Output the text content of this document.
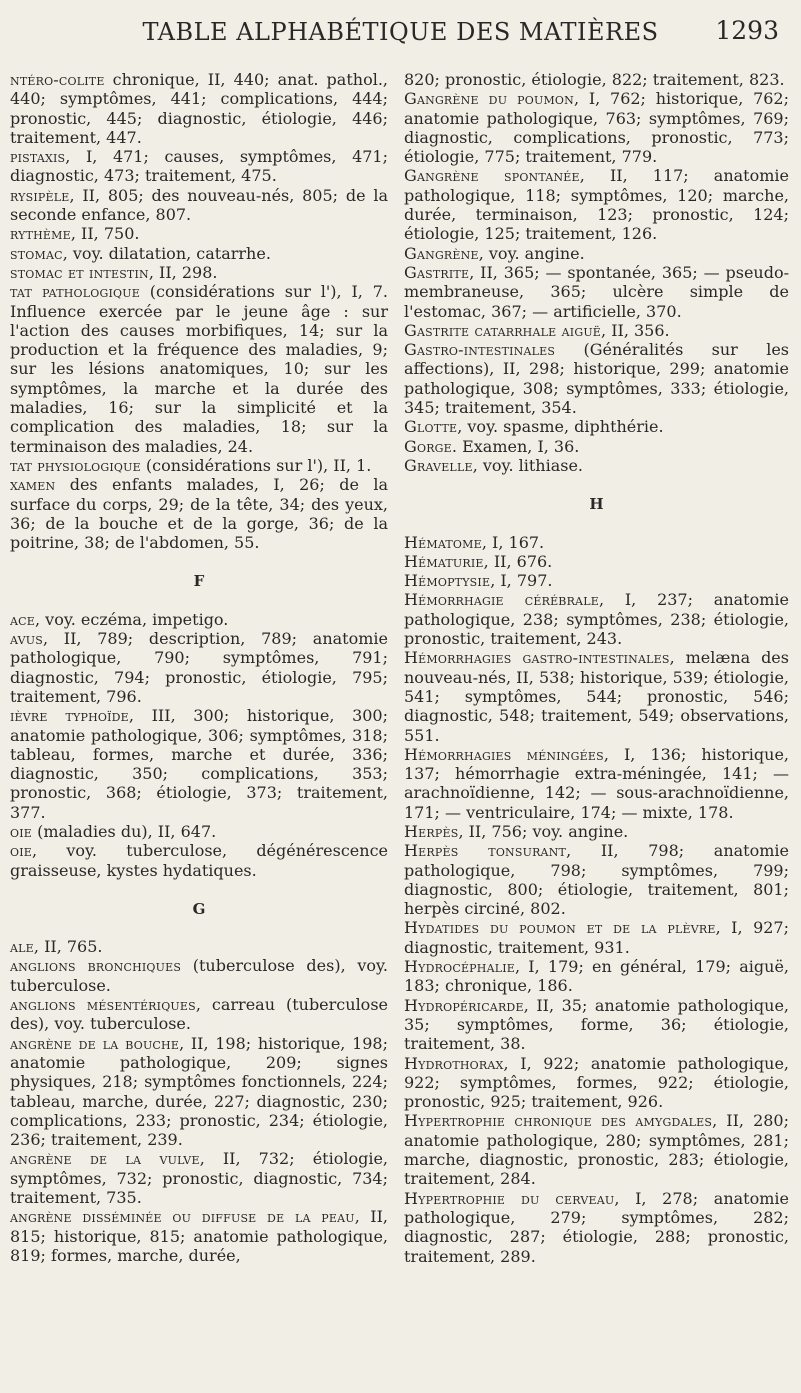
TABLE ALPHABÉTIQUE DES MATIÈRES	1293

ntéro-colite chronique, II, 440; anat. pathol., 440; symptômes, 441; complications, 444; pronostic, 445; diagnostic, étiologie, 446; traitement, 447.

pistaxis, I, 471; causes, symptômes, 471; diagnostic, 473; traitement, 475.

rysipèle, II, 805; des nouveau-nés, 805; de la seconde enfance, 807.

rythème, II, 750.

stomac, voy. dilatation, catarrhe.

stomac et intestin, II, 298.

tat pathologique (considérations sur l'), I, 7. Influence exercée par le jeune âge : sur l'action des causes morbifiques, 14; sur la production et la fréquence des maladies, 9; sur les lésions anatomiques, 10; sur les symptômes, la marche et la durée des maladies, 16; sur la simplicité et la complication des maladies, 18; sur la terminaison des maladies, 24.

tat physiologique (considérations sur l'), II, 1.

xamen des enfants malades, I, 26; de la surface du corps, 29; de la tête, 34; des yeux, 36; de la bouche et de la gorge, 36; de la poitrine, 38; de l'abdomen, 55.

F

ace, voy. eczéma, impetigo.

avus, II, 789; description, 789; anatomie pathologique, 790; symptômes, 791; diagnostic, 794; pronostic, étiologie, 795; traitement, 796.

ièvre typhoïde, III, 300; historique, 300; anatomie pathologique, 306; symptômes, 318; tableau, formes, marche et durée, 336; diagnostic, 350; complications, 353; pronostic, 368; étiologie, 373; traitement, 377.

oie (maladies du), II, 647.

oie, voy. tuberculose, dégénérescence graisseuse, kystes hydatiques.

G

ale, II, 765.

anglions bronchiques (tuberculose des), voy. tuberculose.

anglions mésentériques, carreau (tuberculose des), voy. tuberculose.

angrène de la bouche, II, 198; historique, 198; anatomie pathologique, 209; signes physiques, 218; symptômes fonctionnels, 224; tableau, marche, durée, 227; diagnostic, 230; complications, 233; pronostic, 234; étiologie, 236; traitement, 239.

angrène de la vulve, II, 732; étiologie, symptômes, 732; pronostic, diagnostic, 734; traitement, 735.

angrène disséminée ou diffuse de la peau, II, 815; historique, 815; anatomie pathologique, 819; formes, marche, durée,

820; pronostic, étiologie, 822; traitement, 823.

Gangrène du poumon, I, 762; historique, 762; anatomie pathologique, 763; symptômes, 769; diagnostic, complications, pronostic, 773; étiologie, 775; traitement, 779.

Gangrène spontanée, II, 117; anatomie pathologique, 118; symptômes, 120; marche, durée, terminaison, 123; pronostic, 124; étiologie, 125; traitement, 126.

Gangrène, voy. angine.

Gastrite, II, 365; — spontanée, 365; — pseudo-membraneuse, 365; ulcère simple de l'estomac, 367; — artificielle, 370.

Gastrite catarrhale aiguë, II, 356.

Gastro-intestinales (Généralités sur les affections), II, 298; historique, 299; anatomie pathologique, 308; symptômes, 333; étiologie, 345; traitement, 354.

Glotte, voy. spasme, diphthérie.

Gorge. Examen, I, 36.

Gravelle, voy. lithiase.

H

Hématome, I, 167.

Hématurie, II, 676.

Hémoptysie, I, 797.

Hémorrhagie cérébrale, I, 237; anatomie pathologique, 238; symptômes, 238; étiologie, pronostic, traitement, 243.

Hémorrhagies gastro-intestinales, melæna des nouveau-nés, II, 538; historique, 539; étiologie, 541; symptômes, 544; pronostic, 546; diagnostic, 548; traitement, 549; observations, 551.

Hémorrhagies méningées, I, 136; historique, 137; hémorrhagie extra-méningée, 141; — arachnoïdienne, 142; — sous-arachnoïdienne, 171; — ventriculaire, 174; — mixte, 178.

Herpès, II, 756; voy. angine.

Herpès tonsurant, II, 798; anatomie pathologique, 798; symptômes, 799; diagnostic, 800; étiologie, traitement, 801; herpès circiné, 802.

Hydatides du poumon et de la plèvre, I, 927; diagnostic, traitement, 931.

Hydrocéphalie, I, 179; en général, 179; aiguë, 183; chronique, 186.

Hydropéricarde, II, 35; anatomie pathologique, 35; symptômes, forme, 36; étiologie, traitement, 38.

Hydrothorax, I, 922; anatomie pathologique, 922; symptômes, formes, 922; étiologie, pronostic, 925; traitement, 926.

Hypertrophie chronique des amygdales, II, 280; anatomie pathologique, 280; symptômes, 281; marche, diagnostic, pronostic, 283; étiologie, traitement, 284.

Hypertrophie du cerveau, I, 278; anatomie pathologique, 279; symptômes, 282; diagnostic, 287; étiologie, 288; pronostic, traitement, 289.
